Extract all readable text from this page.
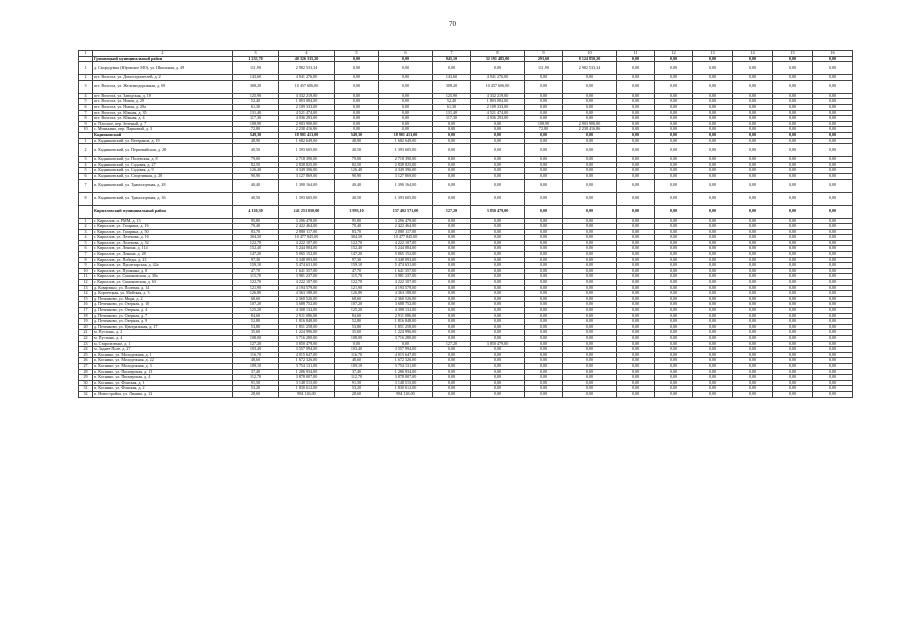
70
1	2	3	4	5	6	7	8	9	10	11	12	13	14	15	16
	Грязовецкий муниципальный район	1 235,70	40 326 335,20	0,00	0,00	945,10	32 191 485,00	293,60	8 124 850,20	0,00	0,00	0,00	0,00	0,00	0,00
1	д. Скородумка (Юровское МО), ул. Школьная, д. 49	111,90	2 982 533,34	0,00	0,00	0,00	0,00	111,90	2 982 533,34	0,00	0,00	0,00	0,00	0,00	0,00
2	пгт. Вохтога, ул. Домостроителей, д. 2	143,60	4 941 276,00	0,00	0,00	143,60	4 941 276,00	0,00	0,00	0,00	0,00	0,00	0,00	0,00	0,00
3	пгт. Вохтога, ул. Железнодорожная, д. 69	308,20	10 457 606,00	0,00	0,00	308,20	10 457 606,00	0,00	0,00	0,00	0,00	0,00	0,00	0,00	0,00
4	пгт. Вохтога, ул. Заводская, д. 18	125,90	4 332 219,00	0,00	0,00	125,90	4 332 219,00	0,00	0,00	0,00	0,00	0,00	0,00	0,00	0,00
5	пгт. Вохтога, ул. Новая, д. 29	52,40	1 803 084,00	0,00	0,00	52,40	1 803 084,00	0,00	0,00	0,00	0,00	0,00	0,00	0,00	0,00
6	пгт. Вохтога, ул. Новая, д. 29а	61,30	2 109 333,00	0,00	0,00	61,30	2 109 333,00	0,00	0,00	0,00	0,00	0,00	0,00	0,00	0,00
7	пгт. Вохтога, ул. Южная, д. 35	131,40	4 521 474,00	0,00	0,00	131,40	4 521 474,00	0,00	0,00	0,00	0,00	0,00	0,00	0,00	0,00
8	пгт. Вохтога, ул. Южная, д. 4	117,30	4 036 293,00	0,00	0,00	117,30	4 036 293,00	0,00	0,00	0,00	0,00	0,00	0,00	0,00	0,00
9	п. Плоское, пер. Зеленый, д. 7	108,90	2 903 900,00	0,00	0,00	0,00	0,00	108,90	2 903 900,00	0,00	0,00	0,00	0,00	0,00	0,00
10	с. Минькино, пер. Парковый, д. 3	72,80	2 238 416,86	0,00	0,00	0,00	0,00	72,80	2 238 416,86	0,00	0,00	0,00	0,00	0,00	0,00
	Кадниковский	549,30	18 901 413,00	549,30	18 901 413,00	0,00	0,00	0,00	0,00	0,00	0,00	0,00	0,00	0,00	0,00
1	п. Кадниковский, ул. Ветеранов, д. 19	48,90	1 682 649,00	48,90	1 682 649,00	0,00	0,00	0,00	0,00	0,00	0,00	0,00	0,00	0,00	0,00
2	п. Кадниковский, ул. Первомайская, д. 28	40,50	1 393 605,00	40,50	1 393 605,00	0,00	0,00	0,00	0,00	0,00	0,00	0,00	0,00	0,00	0,00
3	п. Кадниковский, ул. Полевская, д. 8	79,00	2 718 390,00	79,00	2 718 390,00	0,00	0,00	0,00	0,00	0,00	0,00	0,00	0,00	0,00	0,00
4	п. Кадниковский, ул. Садовая, д. 27	82,50	2 838 825,00	82,50	2 838 825,00	0,00	0,00	0,00	0,00	0,00	0,00	0,00	0,00	0,00	0,00
5	п. Кадниковский, ул. Садовая, д. 9	126,40	4 349 396,00	126,40	4 349 396,00	0,00	0,00	0,00	0,00	0,00	0,00	0,00	0,00	0,00	0,00
6	п. Кадниковский, ул. Спортивная, д. 20	90,90	3 127 869,00	90,90	3 127 869,00	0,00	0,00	0,00	0,00	0,00	0,00	0,00	0,00	0,00	0,00
7	п. Кадниковский, ул. Транспортная, д. 28	40,40	1 390 164,00	40,40	1 390 164,00	0,00	0,00	0,00	0,00	0,00	0,00	0,00	0,00	0,00	0,00
8	п. Кадниковский, ул. Транспортная, д. 36	40,50	1 393 605,00	40,50	1 393 605,00	0,00	0,00	0,00	0,00	0,00	0,00	0,00	0,00	0,00	0,00
	Кирилловский муниципальный район	4 120,30	141 253 050,00	3 993,10	137 402 571,00	127,20	3 850 479,00	0,00	0,00	0,00	0,00	0,00	0,00	0,00	0,00
1	г. Кириллов, п. РММ, д. 13	95,80	3 296 478,00	95,80	3 296 478,00	0,00	0,00	0,00	0,00	0,00	0,00	0,00	0,00	0,00	0,00
2	г. Кириллов, ул. Гагарина, д. 16	70,40	2 422 464,00	70,40	2 422 464,00	0,00	0,00	0,00	0,00	0,00	0,00	0,00	0,00	0,00	0,00
3	г. Кириллов, ул. Гагарина, д. 50	83,70	2 880 117,00	83,70	2 880 117,00	0,00	0,00	0,00	0,00	0,00	0,00	0,00	0,00	0,00	0,00
4	г. Кириллов, ул. Лелекова, д. 16	304,50	10 477 845,00	304,50	10 477 845,00	0,00	0,00	0,00	0,00	0,00	0,00	0,00	0,00	0,00	0,00
5	г. Кириллов, ул. Лелекова, д. 52	122,70	4 222 107,00	122,70	4 222 107,00	0,00	0,00	0,00	0,00	0,00	0,00	0,00	0,00	0,00	0,00
6	г. Кириллов, ул. Ленина, д. 114	152,40	5 244 084,00	152,40	5 244 084,00	0,00	0,00	0,00	0,00	0,00	0,00	0,00	0,00	0,00	0,00
7	г. Кириллов, ул. Ленина, д. 28	147,20	5 065 152,00	147,20	5 065 152,00	0,00	0,00	0,00	0,00	0,00	0,00	0,00	0,00	0,00	0,00
8	г. Кириллов, ул. Победы, д. 23	97,30	3 348 093,00	97,30	3 348 093,00	0,00	0,00	0,00	0,00	0,00	0,00	0,00	0,00	0,00	0,00
9	г. Кириллов, ул. Пролетарская, д. 42а	159,10	5 474 631,00	159,10	5 474 631,00	0,00	0,00	0,00	0,00	0,00	0,00	0,00	0,00	0,00	0,00
10	г. Кириллов, ул. Пушкина, д. 8	47,70	1 641 357,00	47,70	1 641 357,00	0,00	0,00	0,00	0,00	0,00	0,00	0,00	0,00	0,00	0,00
11	г. Кириллов, ул. Симоновская, д. 30а	115,70	3 981 237,00	115,70	3 981 237,00	0,00	0,00	0,00	0,00	0,00	0,00	0,00	0,00	0,00	0,00
12	г. Кириллов, ул. Симоновская, д. 63	122,70	4 222 107,00	122,70	4 222 107,00	0,00	0,00	0,00	0,00	0,00	0,00	0,00	0,00	0,00	0,00
13	д. Коварзино, ул. Полевая, д. 14	121,90	4 194 579,00	121,90	4 194 579,00	0,00	0,00	0,00	0,00	0,00	0,00	0,00	0,00	0,00	0,00
14	д. Коротецкая, ул. Майская, д. 3	126,80	4 363 188,00	126,80	4 363 188,00	0,00	0,00	0,00	0,00	0,00	0,00	0,00	0,00	0,00	0,00
15	д. Печенково, ул. Мира, д. 2	68,60	2 360 526,00	68,60	2 360 526,00	0,00	0,00	0,00	0,00	0,00	0,00	0,00	0,00	0,00	0,00
16	д. Печенково, ул. Озерная, д. 10	107,20	3 688 752,00	107,20	3 688 752,00	0,00	0,00	0,00	0,00	0,00	0,00	0,00	0,00	0,00	0,00
17	д. Печенково, ул. Озерная, д. 4	125,20	4 308 132,00	125,20	4 308 132,00	0,00	0,00	0,00	0,00	0,00	0,00	0,00	0,00	0,00	0,00
18	д. Печенково, ул. Озерная, д. 7	84,60	2 911 086,00	84,60	2 911 086,00	0,00	0,00	0,00	0,00	0,00	0,00	0,00	0,00	0,00	0,00
19	д. Печенково, ул. Озерная, д. 9	52,80	1 816 848,00	52,80	1 816 848,00	0,00	0,00	0,00	0,00	0,00	0,00	0,00	0,00	0,00	0,00
20	д. Печенково, ул. Центральная, д. 17	53,80	1 851 258,00	53,80	1 851 258,00	0,00	0,00	0,00	0,00	0,00	0,00	0,00	0,00	0,00	0,00
21	м. Пустынь, д. 2	35,60	1 224 996,00	35,60	1 224 996,00	0,00	0,00	0,00	0,00	0,00	0,00	0,00	0,00	0,00	0,00
22	м. Пустынь, д. 4	108,00	3 716 280,00	108,00	3 716 280,00	0,00	0,00	0,00	0,00	0,00	0,00	0,00	0,00	0,00	0,00
23	м. Старозеленье, д. 1	127,20	3 850 479,00	0,00	0,00	127,20	3 850 479,00	0,00	0,00	0,00	0,00	0,00	0,00	0,00	0,00
24	м. Заднее Поле, д. 27	103,40	3 557 994,00	103,40	3 557 994,00	0,00	0,00	0,00	0,00	0,00	0,00	0,00	0,00	0,00	0,00
25	п. Коснино, ул. Молодежная, д. 1	116,70	4 015 647,00	116,70	4 015 647,00	0,00	0,00	0,00	0,00	0,00	0,00	0,00	0,00	0,00	0,00
26	п. Коснино, ул. Молодежная, д. 22	48,60	1 672 326,00	48,60	1 672 326,00	0,00	0,00	0,00	0,00	0,00	0,00	0,00	0,00	0,00	0,00
27	п. Коснино, ул. Молодежная, д. 3	109,10	3 754 131,00	109,10	3 754 131,00	0,00	0,00	0,00	0,00	0,00	0,00	0,00	0,00	0,00	0,00
28	п. Коснино, ул. Пионерская, д. 13	37,40	1 286 934,00	37,40	1 286 934,00	0,00	0,00	0,00	0,00	0,00	0,00	0,00	0,00	0,00	0,00
29	п. Коснино, ул. Пионерская, д. 4	112,70	3 878 007,00	112,70	3 878 007,00	0,00	0,00	0,00	0,00	0,00	0,00	0,00	0,00	0,00	0,00
30	п. Коснино, ул. Фонская, д. 1	91,50	3 148 515,00	91,50	3 148 515,00	0,00	0,00	0,00	0,00	0,00	0,00	0,00	0,00	0,00	0,00
31	п. Коснино, ул. Фонская, д. 2	53,20	1 830 612,00	53,20	1 830 612,00	0,00	0,00	0,00	0,00	0,00	0,00	0,00	0,00	0,00	0,00
32	п. Новостройка, ул. Ленина, д. 13	28,60	984 126,00	28,60	984 126,00	0,00	0,00	0,00	0,00	0,00	0,00	0,00	0,00	0,00	0,00
